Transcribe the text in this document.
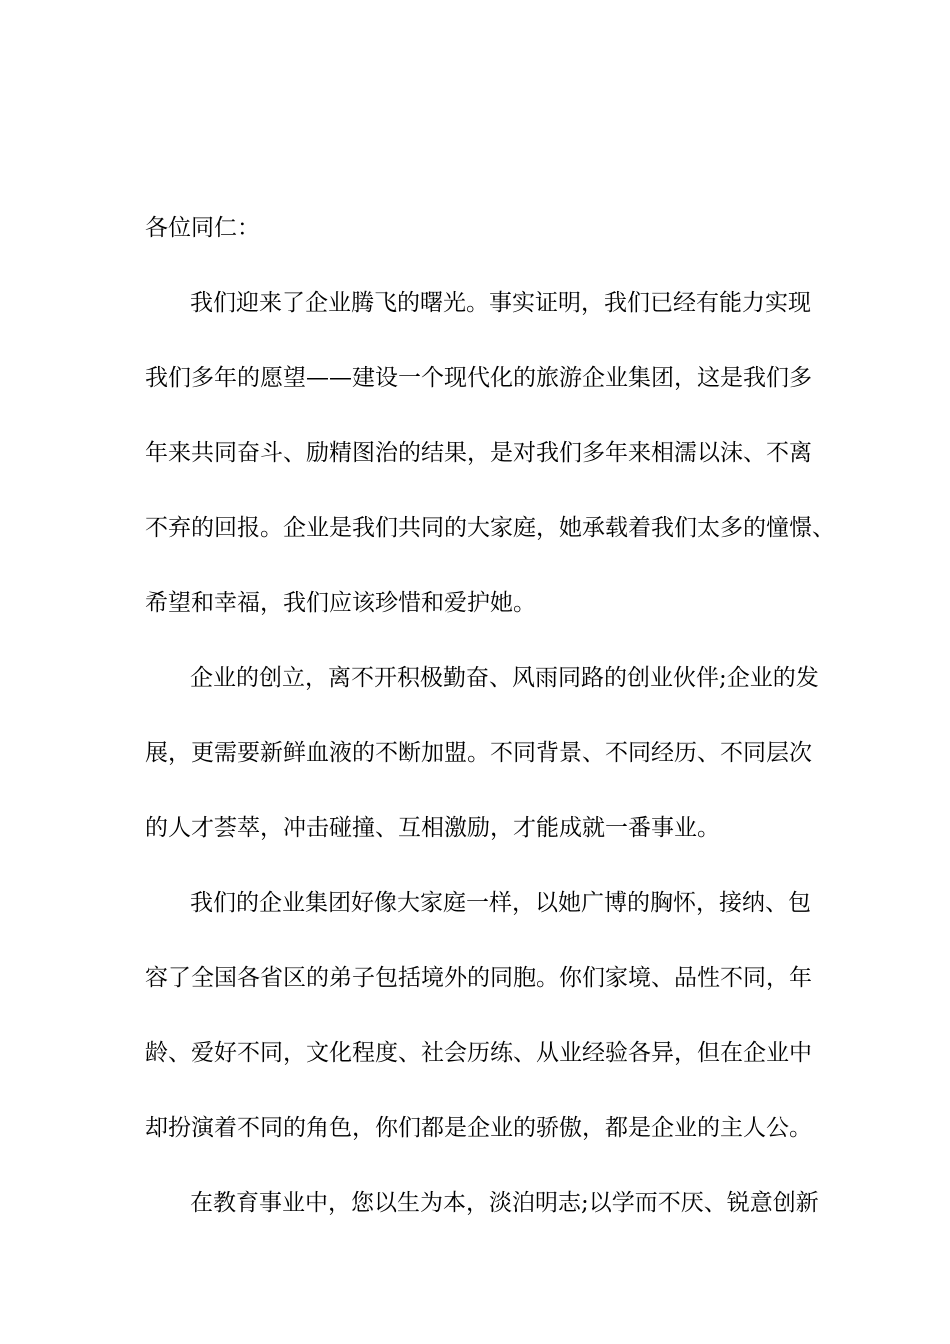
各位同仁：
我们迎来了企业腾飞的曙光。事实证明，我们已经有能力实现
我们多年的愿望——建设一个现代化的旅游企业集团，这是我们多
年来共同奋斗、励精图治的结果，是对我们多年来相濡以沫、不离
不弃的回报。企业是我们共同的大家庭，她承载着我们太多的憧憬、
希望和幸福，我们应该珍惜和爱护她。
企业的创立，离不开积极勤奋、风雨同路的创业伙伴;企业的发
展，更需要新鲜血液的不断加盟。不同背景、不同经历、不同层次
的人才荟萃，冲击碰撞、互相激励，才能成就一番事业。
我们的企业集团好像大家庭一样，以她广博的胸怀，接纳、包
容了全国各省区的弟子包括境外的同胞。你们家境、品性不同，年
龄、爱好不同，文化程度、社会历练、从业经验各异，但在企业中
却扮演着不同的角色，你们都是企业的骄傲，都是企业的主人公。
在教育事业中，您以生为本，淡泊明志;以学而不厌、锐意创新
